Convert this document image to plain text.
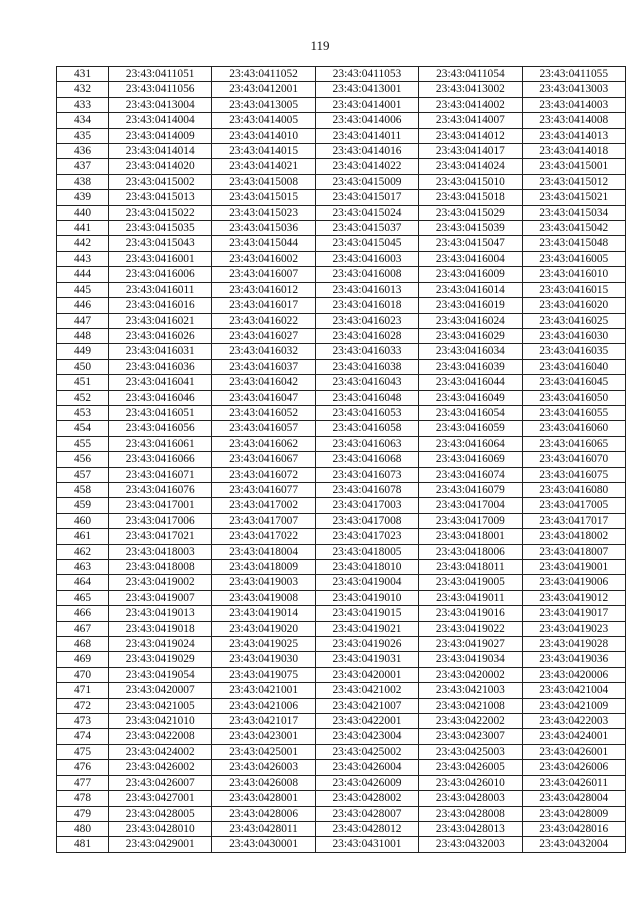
119
431	23:43:0411051	23:43:0411052	23:43:0411053	23:43:0411054	23:43:0411055
432	23:43:0411056	23:43:0412001	23:43:0413001	23:43:0413002	23:43:0413003
433	23:43:0413004	23:43:0413005	23:43:0414001	23:43:0414002	23:43:0414003
434	23:43:0414004	23:43:0414005	23:43:0414006	23:43:0414007	23:43:0414008
435	23:43:0414009	23:43:0414010	23:43:0414011	23:43:0414012	23:43:0414013
436	23:43:0414014	23:43:0414015	23:43:0414016	23:43:0414017	23:43:0414018
437	23:43:0414020	23:43:0414021	23:43:0414022	23:43:0414024	23:43:0415001
438	23:43:0415002	23:43:0415008	23:43:0415009	23:43:0415010	23:43:0415012
439	23:43:0415013	23:43:0415015	23:43:0415017	23:43:0415018	23:43:0415021
440	23:43:0415022	23:43:0415023	23:43:0415024	23:43:0415029	23:43:0415034
441	23:43:0415035	23:43:0415036	23:43:0415037	23:43:0415039	23:43:0415042
442	23:43:0415043	23:43:0415044	23:43:0415045	23:43:0415047	23:43:0415048
443	23:43:0416001	23:43:0416002	23:43:0416003	23:43:0416004	23:43:0416005
444	23:43:0416006	23:43:0416007	23:43:0416008	23:43:0416009	23:43:0416010
445	23:43:0416011	23:43:0416012	23:43:0416013	23:43:0416014	23:43:0416015
446	23:43:0416016	23:43:0416017	23:43:0416018	23:43:0416019	23:43:0416020
447	23:43:0416021	23:43:0416022	23:43:0416023	23:43:0416024	23:43:0416025
448	23:43:0416026	23:43:0416027	23:43:0416028	23:43:0416029	23:43:0416030
449	23:43:0416031	23:43:0416032	23:43:0416033	23:43:0416034	23:43:0416035
450	23:43:0416036	23:43:0416037	23:43:0416038	23:43:0416039	23:43:0416040
451	23:43:0416041	23:43:0416042	23:43:0416043	23:43:0416044	23:43:0416045
452	23:43:0416046	23:43:0416047	23:43:0416048	23:43:0416049	23:43:0416050
453	23:43:0416051	23:43:0416052	23:43:0416053	23:43:0416054	23:43:0416055
454	23:43:0416056	23:43:0416057	23:43:0416058	23:43:0416059	23:43:0416060
455	23:43:0416061	23:43:0416062	23:43:0416063	23:43:0416064	23:43:0416065
456	23:43:0416066	23:43:0416067	23:43:0416068	23:43:0416069	23:43:0416070
457	23:43:0416071	23:43:0416072	23:43:0416073	23:43:0416074	23:43:0416075
458	23:43:0416076	23:43:0416077	23:43:0416078	23:43:0416079	23:43:0416080
459	23:43:0417001	23:43:0417002	23:43:0417003	23:43:0417004	23:43:0417005
460	23:43:0417006	23:43:0417007	23:43:0417008	23:43:0417009	23:43:0417017
461	23:43:0417021	23:43:0417022	23:43:0417023	23:43:0418001	23:43:0418002
462	23:43:0418003	23:43:0418004	23:43:0418005	23:43:0418006	23:43:0418007
463	23:43:0418008	23:43:0418009	23:43:0418010	23:43:0418011	23:43:0419001
464	23:43:0419002	23:43:0419003	23:43:0419004	23:43:0419005	23:43:0419006
465	23:43:0419007	23:43:0419008	23:43:0419010	23:43:0419011	23:43:0419012
466	23:43:0419013	23:43:0419014	23:43:0419015	23:43:0419016	23:43:0419017
467	23:43:0419018	23:43:0419020	23:43:0419021	23:43:0419022	23:43:0419023
468	23:43:0419024	23:43:0419025	23:43:0419026	23:43:0419027	23:43:0419028
469	23:43:0419029	23:43:0419030	23:43:0419031	23:43:0419034	23:43:0419036
470	23:43:0419054	23:43:0419075	23:43:0420001	23:43:0420002	23:43:0420006
471	23:43:0420007	23:43:0421001	23:43:0421002	23:43:0421003	23:43:0421004
472	23:43:0421005	23:43:0421006	23:43:0421007	23:43:0421008	23:43:0421009
473	23:43:0421010	23:43:0421017	23:43:0422001	23:43:0422002	23:43:0422003
474	23:43:0422008	23:43:0423001	23:43:0423004	23:43:0423007	23:43:0424001
475	23:43:0424002	23:43:0425001	23:43:0425002	23:43:0425003	23:43:0426001
476	23:43:0426002	23:43:0426003	23:43:0426004	23:43:0426005	23:43:0426006
477	23:43:0426007	23:43:0426008	23:43:0426009	23:43:0426010	23:43:0426011
478	23:43:0427001	23:43:0428001	23:43:0428002	23:43:0428003	23:43:0428004
479	23:43:0428005	23:43:0428006	23:43:0428007	23:43:0428008	23:43:0428009
480	23:43:0428010	23:43:0428011	23:43:0428012	23:43:0428013	23:43:0428016
481	23:43:0429001	23:43:0430001	23:43:0431001	23:43:0432003	23:43:0432004
